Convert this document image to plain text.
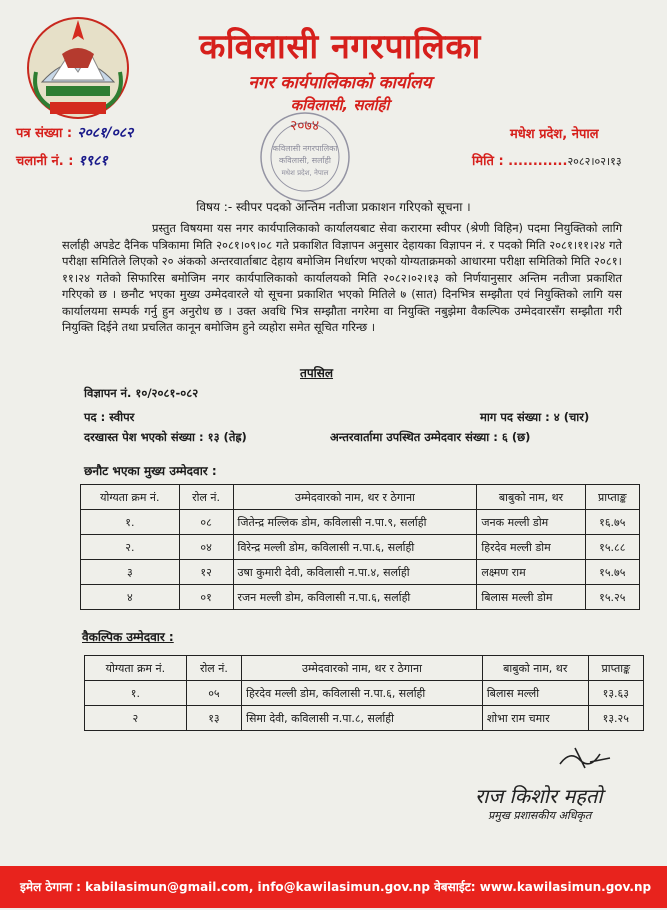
कविलासी नगरपालिका
नगर कार्यपालिकाको कार्यालय
कविलासी, सर्लाही
२०७४
कविलासी नगरपालिका
कविलासी, सर्लाही
मधेश प्रदेश, नेपाल
पत्र संख्या : २०८१/०८२
चलानी नं. : १९८१
मधेश प्रदेश, नेपाल
मिति : ............२०८२।०२।१३
विषय :- स्वीपर पदको अन्तिम नतीजा प्रकाशन गरिएको सूचना ।
प्रस्तुत विषयमा यस नगर कार्यपालिकाको कार्यालयबाट सेवा करारमा स्वीपर (श्रेणी विहिन) पदमा नियुक्तिको लागि सर्लाही अपडेट दैनिक पत्रिकामा मिति २०८१।०९।०८ गते प्रकाशित विज्ञापन अनुसार देहायका विज्ञापन नं. र पदको मिति २०८१।११।२४ गते परीक्षा समितिले लिएको २० अंकको अन्तरवार्ताबाट देहाय बमोजिम निर्धारण भएको योग्यताक्रमको आधारमा परीक्षा समितिको मिति २०८१।११।२४ गतेको सिफारिस बमोजिम नगर कार्यपालिकाको कार्यालयको मिति २०८२।०२।१३ को निर्णयानुसार अन्तिम नतीजा प्रकाशित गरिएको छ । छनौट भएका मुख्य उम्मेदवारले यो सूचना प्रकाशित भएको मितिले ७ (सात) दिनभित्र सम्झौता एवं नियुक्तिको लागि यस कार्यालयमा सम्पर्क गर्नु हुन अनुरोध छ । उक्त अवधि भित्र सम्झौता नगरेमा वा नियुक्ति नबुझेमा वैकल्पिक उम्मेदवारसँग सम्झौता गरी नियुक्ति दिईने तथा प्रचलित कानून बमोजिम हुने व्यहोरा समेत सूचित गरिन्छ ।
तपसिल
विज्ञापन नं. १०/२०८१-०८२
पद : स्वीपर	माग पद संख्या : ४ (चार)
दरखास्त पेश भएको संख्या : १३ (तेह्र)	अन्तरवार्तामा उपस्थित उम्मेदवार संख्या : ६ (छ)
छनौट भएका मुख्य उम्मेदवार :
योग्यता क्रम नं.	रोल नं.	उम्मेदवारको नाम, थर र ठेगाना	बाबुको नाम, थर	प्राप्ताङ्क
१.	०८	जितेन्द्र मल्लिक डोम, कविलासी न.पा.९, सर्लाही	जनक मल्ली डोम	१६.७५
२.	०४	विरेन्द्र मल्ली डोम, कविलासी न.पा.६, सर्लाही	हिरदेव मल्ली डोम	१५.८८
३	१२	उषा कुमारी देवी, कविलासी न.पा.४, सर्लाही	लक्ष्मण राम	१५.७५
४	०१	रजन मल्ली डोम, कविलासी न.पा.६, सर्लाही	बिलास मल्ली डोम	१५.२५
वैकल्पिक उम्मेदवार :
योग्यता क्रम नं.	रोल नं.	उम्मेदवारको नाम, थर र ठेगाना	बाबुको नाम, थर	प्राप्ताङ्क
१.	०५	हिरदेव मल्ली डोम, कविलासी न.पा.६, सर्लाही	बिलास मल्ली	१३.६३
२	१३	सिमा देवी, कविलासी न.पा.८, सर्लाही	शोभा राम चमार	१३.२५
राज किशोर महतो
प्रमुख प्रशासकीय अधिकृत
इमेल ठेगाना : kabilasimun@gmail.com, info@kawilasimun.gov.np वेबसाईट: www.kawilasimun.gov.np
